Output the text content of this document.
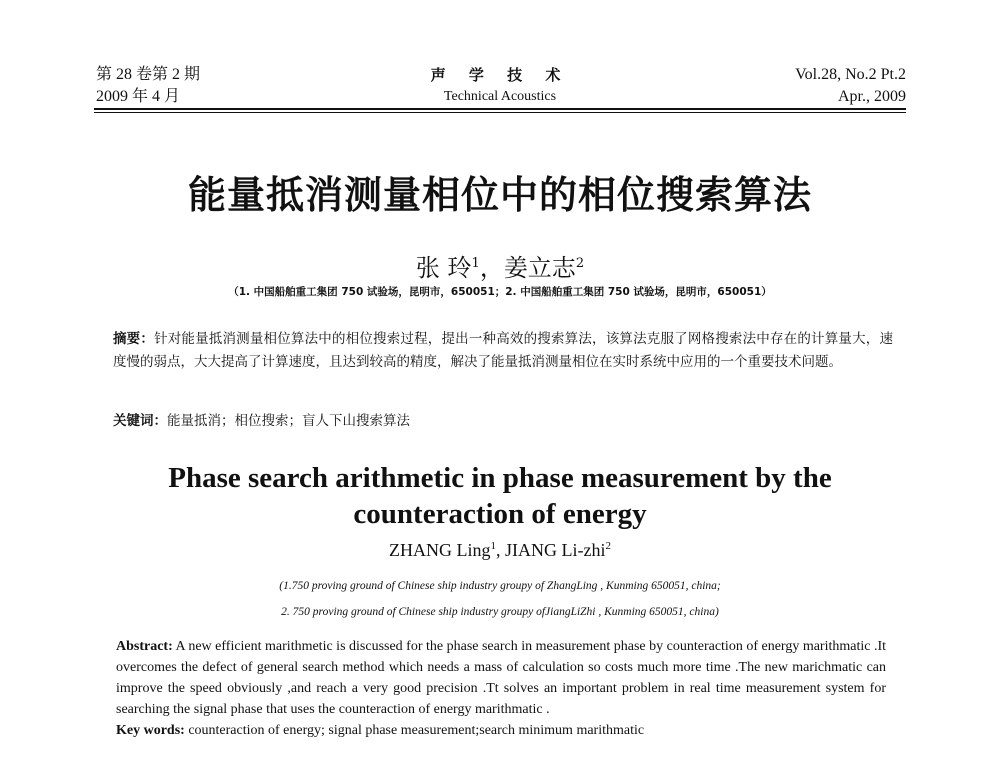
第 28 卷第 2 期
2009 年 4 月
声 学 技 术
Technical Acoustics
Vol.28, No.2 Pt.2
Apr., 2009
能量抵消测量相位中的相位搜索算法
张 玲$^1$，姜立志$^2$
（1. 中国船舶重工集团 750 试验场，昆明市，650051；2. 中国船舶重工集团 750 试验场，昆明市，650051）
摘要：针对能量抵消测量相位算法中的相位搜索过程，提出一种高效的搜索算法，该算法克服了网格搜索法中存在的计算量大，速度慢的弱点，大大提高了计算速度，且达到较高的精度，解决了能量抵消测量相位在实时系统中应用的一个重要技术问题。
关键词：能量抵消；相位搜索；盲人下山搜索算法
Phase search arithmetic in phase measurement by the
counteraction of energy
ZHANG Ling$^1$, JIANG Li-zhi$^2$
(1.750 proving ground of Chinese ship industry groupy of ZhangLing , Kunming 650051, china;
2. 750 proving ground of Chinese ship industry groupy ofJiangLiZhi , Kunming 650051, china)
Abstract: A new efficient marithmetic is discussed for the phase search in measurement phase by counteraction of energy marithmatic .It overcomes the defect of general search method which needs a mass of calculation so costs much more time .The new marichmatic can improve the speed obviously ,and reach a very good precision .Tt solves an important problem in real time measurement system for searching the signal phase that uses the counteraction of energy marithmatic .
Key words: counteraction of energy; signal phase measurement;search minimum marithmatic
